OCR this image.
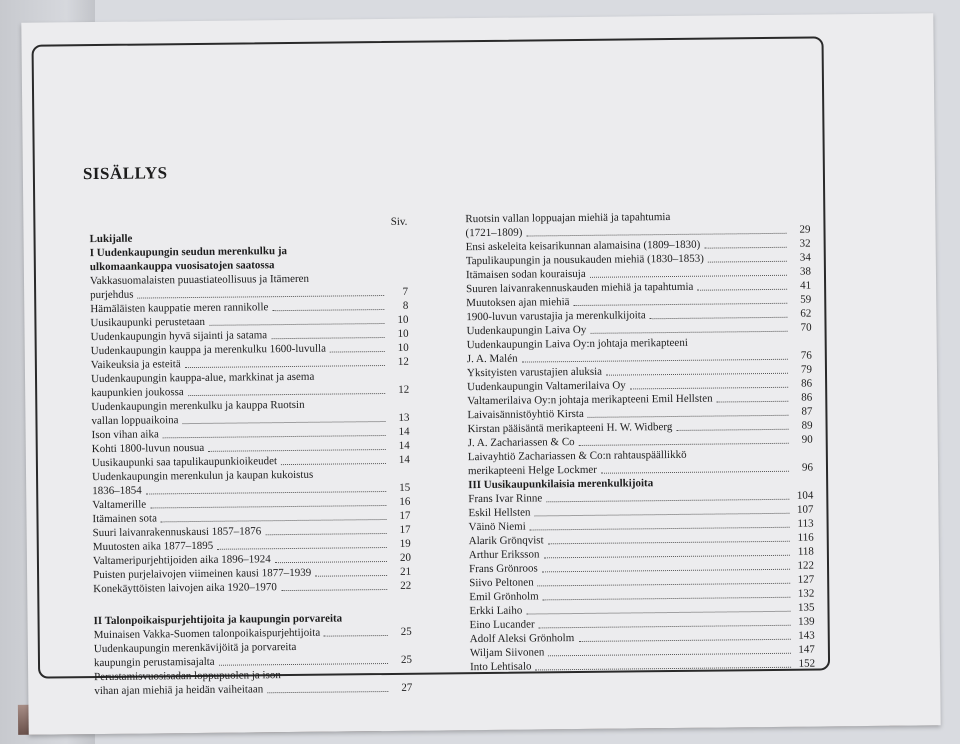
SISÄLLYS
Siv.
Lukijalle
I Uudenkaupungin seudun merenkulku ja
ulkomaankauppa vuosisatojen saatossa
Vakkasuomalaisten puuastiateollisuus ja Itämeren
purjehdus	7
Hämäläisten kauppatie meren rannikolle	8
Uusikaupunki perustetaan	10
Uudenkaupungin hyvä sijainti ja satama	10
Uudenkaupungin kauppa ja merenkulku 1600-luvulla	10
Vaikeuksia ja esteitä	12
Uudenkaupungin kauppa-alue, markkinat ja asema
kaupunkien joukossa	12
Uudenkaupungin merenkulku ja kauppa Ruotsin
vallan loppuaikoina	13
Ison vihan aika	14
Kohti 1800-luvun nousua	14
Uusikaupunki saa tapulikaupunkioikeudet	14
Uudenkaupungin merenkulun ja kaupan kukoistus
1836–1854	15
Valtamerille	16
Itämainen sota	17
Suuri laivanrakennuskausi 1857–1876	17
Muutosten aika 1877–1895	19
Valtameripurjehtijoiden aika 1896–1924	20
Puisten purjelaivojen viimeinen kausi 1877–1939	21
Konekäyttöisten laivojen aika 1920–1970	22
II Talonpoikaispurjehtijoita ja kaupungin porvareita
Muinaisen Vakka-Suomen talonpoikaispurjehtijoita	25
Uudenkaupungin merenkävijöitä ja porvareita
kaupungin perustamisajalta	25
Perustamisvuosisadan loppupuolen ja ison
vihan ajan miehiä ja heidän vaiheitaan	27
Ruotsin vallan loppuajan miehiä ja tapahtumia
(1721–1809)	29
Ensi askeleita keisarikunnan alamaisina (1809–1830)	32
Tapulikaupungin ja nousukauden miehiä (1830–1853)	34
Itämaisen sodan kouraisuja	38
Suuren laivanrakennuskauden miehiä ja tapahtumia	41
Muutoksen ajan miehiä	59
1900-luvun varustajia ja merenkulkijoita	62
Uudenkaupungin Laiva Oy	70
Uudenkaupungin Laiva Oy:n johtaja merikapteeni
J. A. Malén	76
Yksityisten varustajien aluksia	79
Uudenkaupungin Valtamerilaiva Oy	86
Valtamerilaiva Oy:n johtaja merikapteeni Emil Hellsten	86
Laivaisännistöyhtiö Kirsta	87
Kirstan pääisäntä merikapteeni H. W. Widberg	89
J. A. Zachariassen & Co	90
Laivayhtiö Zachariassen & Co:n rahtauspäällikkö
merikapteeni Helge Lockmer	96
III Uusikaupunkilaisia merenkulkijoita
Frans Ivar Rinne	104
Eskil Hellsten	107
Väinö Niemi	113
Alarik Grönqvist	116
Arthur Eriksson	118
Frans Grönroos	122
Siivo Peltonen	127
Emil Grönholm	132
Erkki Laiho	135
Eino Lucander	139
Adolf Aleksi Grönholm	143
Wiljam Siivonen	147
Into Lehtisalo	152
